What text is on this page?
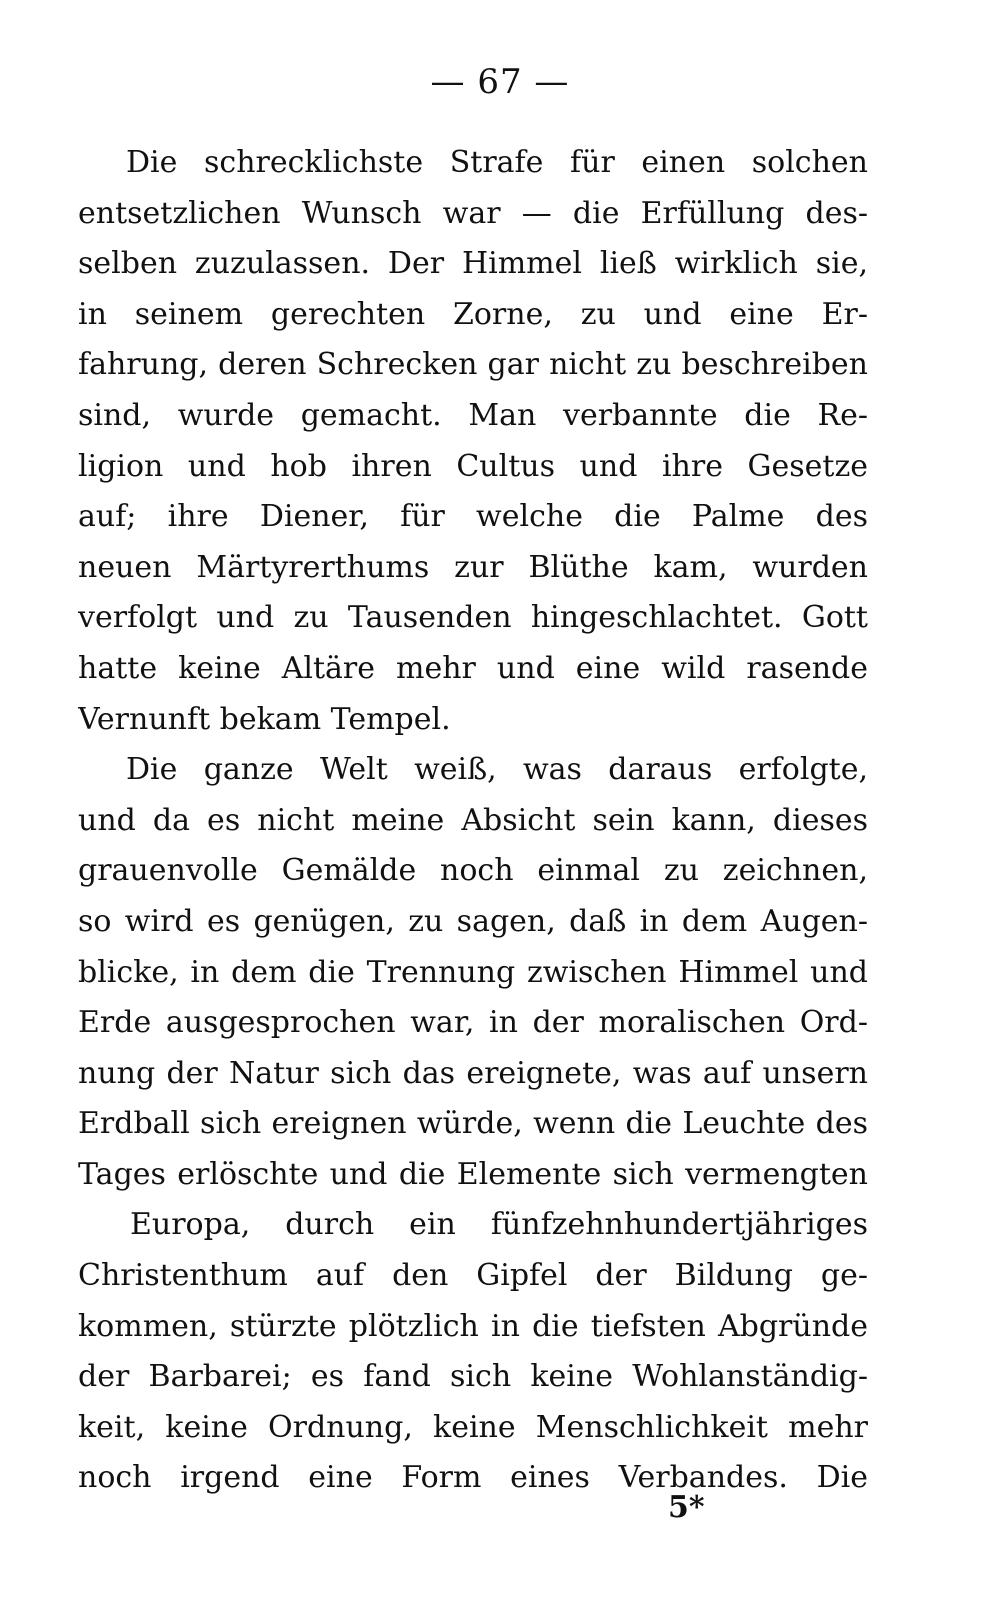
— 67 —
Die schrecklichste Strafe für einen solchen
entsetzlichen Wunsch war — die Erfüllung des-
selben zuzulassen. Der Himmel ließ wirklich sie,
in seinem gerechten Zorne, zu und eine Er-
fahrung, deren Schrecken gar nicht zu beschreiben
sind, wurde gemacht. Man verbannte die Re-
ligion und hob ihren Cultus und ihre Gesetze
auf; ihre Diener, für welche die Palme des
neuen Märtyrerthums zur Blüthe kam, wurden
verfolgt und zu Tausenden hingeschlachtet. Gott
hatte keine Altäre mehr und eine wild rasende
Vernunft bekam Tempel.
Die ganze Welt weiß, was daraus erfolgte,
und da es nicht meine Absicht sein kann, dieses
grauenvolle Gemälde noch einmal zu zeichnen,
so wird es genügen, zu sagen, daß in dem Augen-
blicke, in dem die Trennung zwischen Himmel und
Erde ausgesprochen war, in der moralischen Ord-
nung der Natur sich das ereignete, was auf unsern
Erdball sich ereignen würde, wenn die Leuchte des
Tages erlöschte und die Elemente sich vermengten
Europa, durch ein fünfzehnhundertjähriges
Christenthum auf den Gipfel der Bildung ge-
kommen, stürzte plötzlich in die tiefsten Abgründe
der Barbarei; es fand sich keine Wohlanständig-
keit, keine Ordnung, keine Menschlichkeit mehr
noch irgend eine Form eines Verbandes. Die
5*
